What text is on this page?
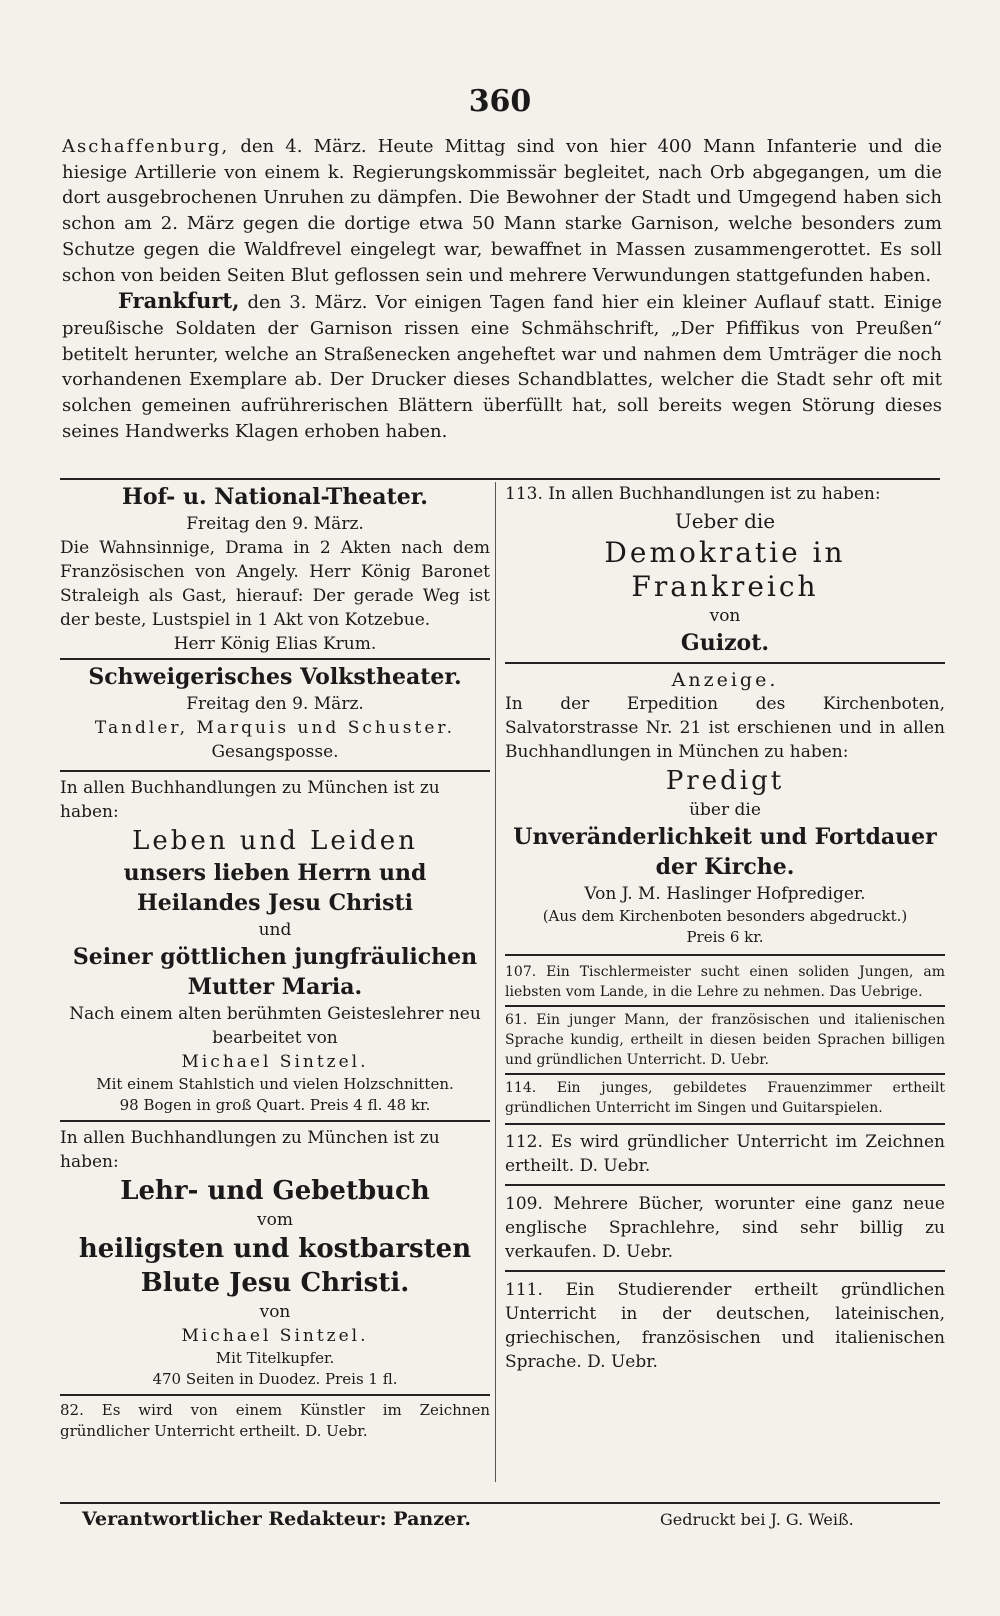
360

Aschaffenburg, den 4. März. Heute Mittag sind von hier 400 Mann Infanterie und die hiesige Artillerie von einem k. Regierungskommissär begleitet, nach Orb abgegangen, um die dort ausgebrochenen Unruhen zu dämpfen. Die Bewohner der Stadt und Umgegend haben sich schon am 2. März gegen die dortige etwa 50 Mann starke Garnison, welche besonders zum Schutze gegen die Waldfrevel eingelegt war, bewaffnet in Massen zusammengerottet. Es soll schon von beiden Seiten Blut geflossen sein und mehrere Verwundungen stattgefunden haben.

Frankfurt, den 3. März. Vor einigen Tagen fand hier ein kleiner Auflauf statt. Einige preußische Soldaten der Garnison rissen eine Schmähschrift, „Der Pfiffikus von Preußen“ betitelt herunter, welche an Straßenecken angeheftet war und nahmen dem Umträger die noch vorhandenen Exemplare ab. Der Drucker dieses Schandblattes, welcher die Stadt sehr oft mit solchen gemeinen aufrührerischen Blättern überfüllt hat, soll bereits wegen Störung dieses seines Handwerks Klagen erhoben haben.

Hof- u. National-Theater.
Freitag den 9. März.
Die Wahnsinnige, Drama in 2 Akten nach dem Französischen von Angely. Herr König Baronet Straleigh als Gast, hierauf: Der gerade Weg ist der beste, Lustspiel in 1 Akt von Kotzebue.
Herr König Elias Krum.
Schweigerisches Volkstheater.
Freitag den 9. März.
Tandler, Marquis und Schuster.
Gesangsposse.
In allen Buchhandlungen zu München ist zu haben:
Leben und Leiden
unsers lieben Herrn und Heilandes Jesu Christi
und
Seiner göttlichen jungfräulichen Mutter Maria.
Nach einem alten berühmten Geisteslehrer neu bearbeitet von
Michael Sintzel.
Mit einem Stahlstich und vielen Holzschnitten.
98 Bogen in groß Quart. Preis 4 fl. 48 kr.
In allen Buchhandlungen zu München ist zu haben:
Lehr- und Gebetbuch
vom
heiligsten und kostbarsten Blute Jesu Christi.
von
Michael Sintzel.
Mit Titelkupfer.
470 Seiten in Duodez. Preis 1 fl.
82. Es wird von einem Künstler im Zeichnen gründlicher Unterricht ertheilt. D. Uebr.
113. In allen Buchhandlungen ist zu haben:
Ueber die
Demokratie in Frankreich
von
Guizot.
Anzeige.
In der Erpedition des Kirchenboten, Salvatorstrasse Nr. 21 ist erschienen und in allen Buchhandlungen in München zu haben:
Predigt
über die
Unveränderlichkeit und Fortdauer der Kirche.
Von J. M. Haslinger Hofprediger.
(Aus dem Kirchenboten besonders abgedruckt.)
Preis 6 kr.
107. Ein Tischlermeister sucht einen soliden Jungen, am liebsten vom Lande, in die Lehre zu nehmen. Das Uebrige.
61. Ein junger Mann, der französischen und italienischen Sprache kundig, ertheilt in diesen beiden Sprachen billigen und gründlichen Unterricht. D. Uebr.
114. Ein junges, gebildetes Frauenzimmer ertheilt gründlichen Unterricht im Singen und Guitarspielen.
112. Es wird gründlicher Unterricht im Zeichnen ertheilt. D. Uebr.
109. Mehrere Bücher, worunter eine ganz neue englische Sprachlehre, sind sehr billig zu verkaufen. D. Uebr.
111. Ein Studierender ertheilt gründlichen Unterricht in der deutschen, lateinischen, griechischen, französischen und italienischen Sprache. D. Uebr.
Verantwortlicher Redakteur: Panzer.	Gedruckt bei J. G. Weiß.
